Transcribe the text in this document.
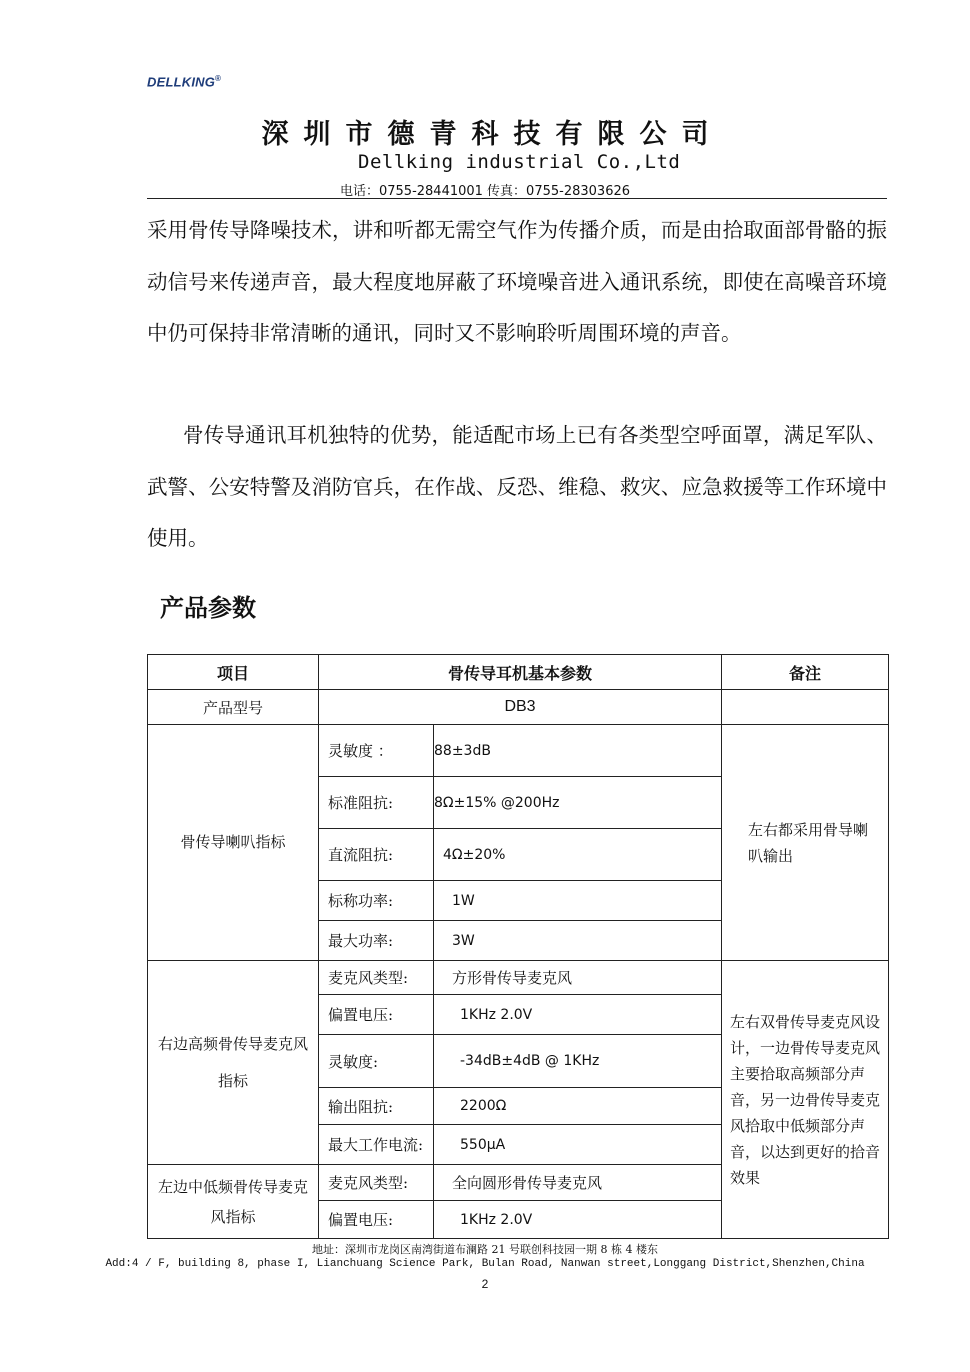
DELLKING®
深圳市德青科技有限公司
Dellking industrial Co.,Ltd
电话：0755-28441001 传真：0755-28303626

采用骨传导降噪技术，讲和听都无需空气作为传播介质，而是由拾取面部骨骼的振动信号来传递声音，最大程度地屏蔽了环境噪音进入通讯系统，即使在高噪音环境中仍可保持非常清晰的通讯，同时又不影响聆听周围环境的声音。

骨传导通讯耳机独特的优势，能适配市场上已有各类型空呼面罩，满足军队、武警、公安特警及消防官兵，在作战、反恐、维稳、救灾、应急救援等工作环境中使用。

产品参数
项目	骨传导耳机基本参数		备注
产品型号	DB3		
骨传导喇叭指标	灵敏度 ：	88±3dB	左右都采用骨导喇叭输出
	标准阻抗:	8Ω±15% @200Hz	
	直流阻抗:	4Ω±20%	
	标称功率:	1W	
	最大功率:	3W	
右边高频骨传导麦克风指标	麦克风类型:	方形骨传导麦克风	左右双骨传导麦克风设计，一边骨传导麦克风主要拾取高频部分声音，另一边骨传导麦克风拾取中低频部分声音，以达到更好的拾音效果
	偏置电压:	1KHz 2.0V	
	灵敏度:	-34dB±4dB @ 1KHz	
	输出阻抗:	2200Ω	
	最大工作电流:	550μA	
左边中低频骨传导麦克风指标	麦克风类型:	全向圆形骨传导麦克风	
	偏置电压:	1KHz 2.0V	
地址：深圳市龙岗区南湾街道布澜路 21 号联创科技园一期 8 栋 4 楼东
Add:4 / F, building 8, phase I, Lianchuang Science Park, Bulan Road, Nanwan street,Longgang District,Shenzhen,China
2
